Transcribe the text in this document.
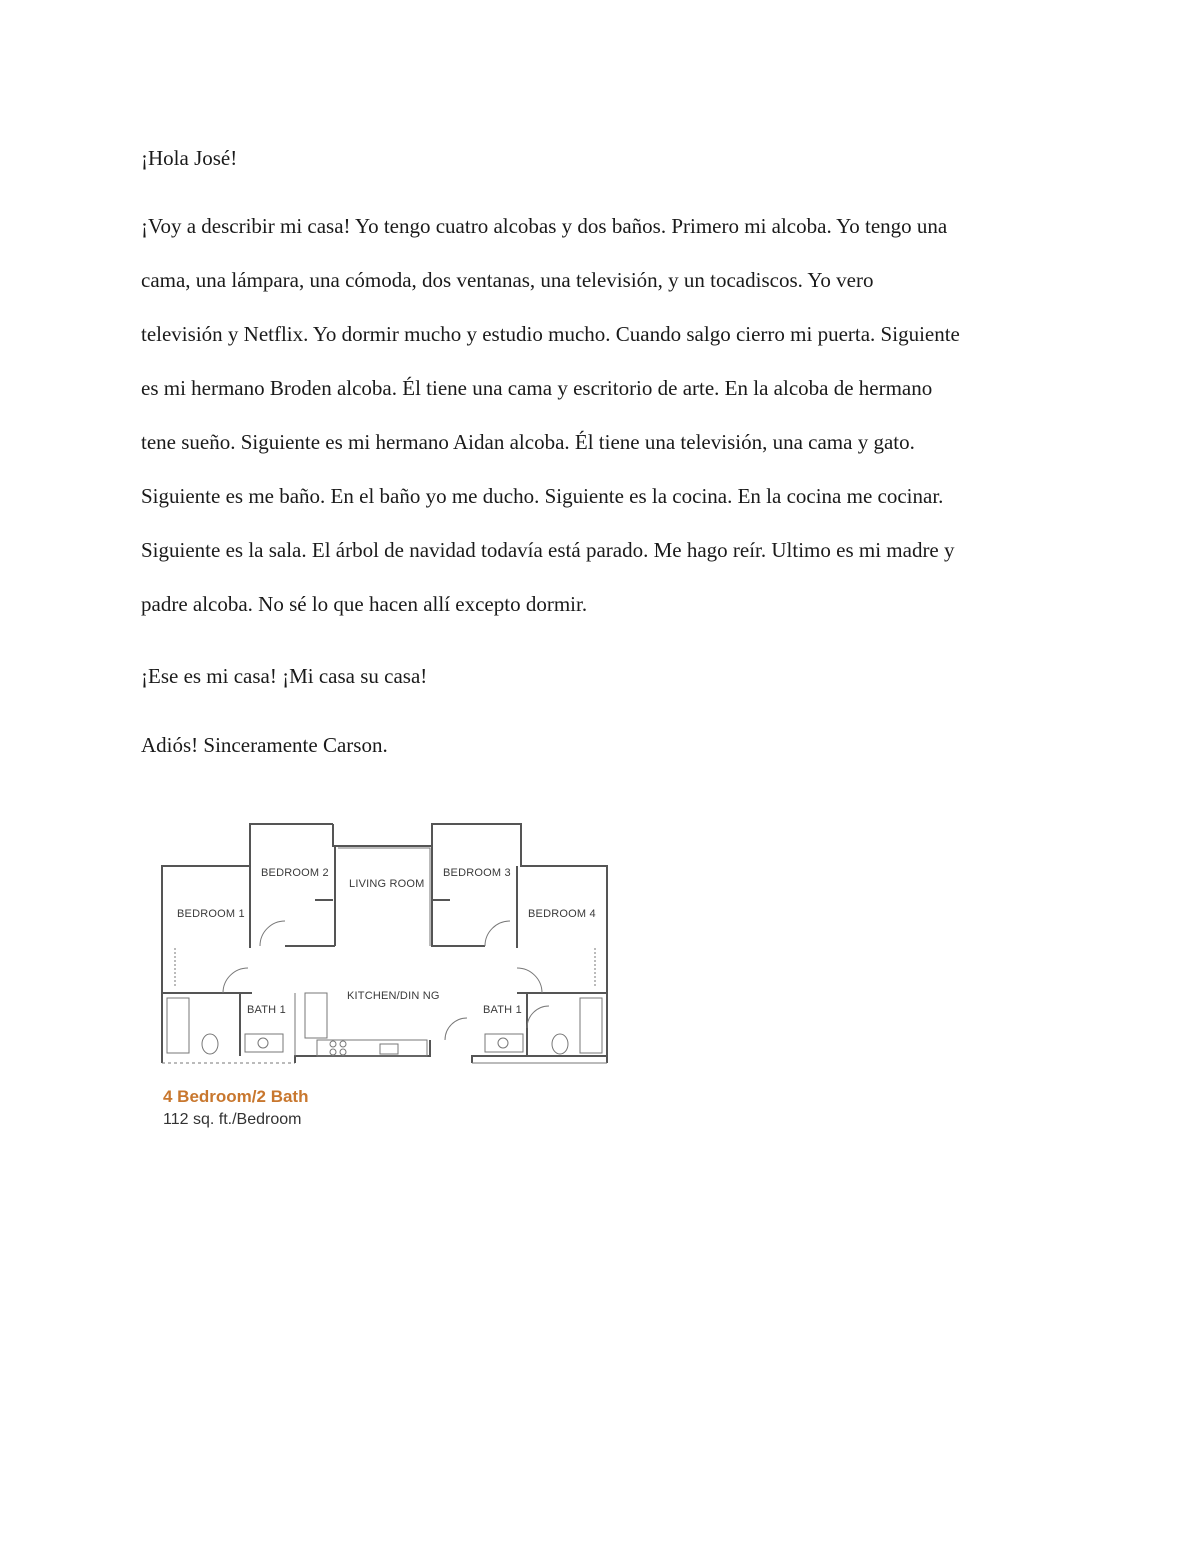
¡Hola José!

¡Voy a describir mi casa! Yo tengo cuatro alcobas y dos baños. Primero mi alcoba. Yo tengo una

cama, una lámpara, una cómoda, dos ventanas, una televisión, y un tocadiscos. Yo vero

televisión y Netflix. Yo dormir mucho y estudio mucho. Cuando salgo cierro mi puerta. Siguiente

es mi hermano Broden alcoba. Él tiene una cama y escritorio de arte. En la alcoba de hermano

tene sueño. Siguiente es mi hermano Aidan alcoba. Él tiene una televisión, una cama y gato.

Siguiente es me baño. En el baño yo me ducho. Siguiente es la cocina. En la cocina me cocinar.

Siguiente es la sala. El árbol de navidad todavía está parado. Me hago reír. Ultimo es mi madre y

padre alcoba. No sé lo que hacen allí excepto dormir.

¡Ese es mi casa! ¡Mi casa su casa!

Adiós! Sinceramente Carson.

BEDROOM 1
BEDROOM 2
LIVING ROOM
BEDROOM 3
BEDROOM 4
KITCHEN/DIN NG
BATH 1	BATH 1

4 Bedroom/2 Bath

112 sq. ft./Bedroom
